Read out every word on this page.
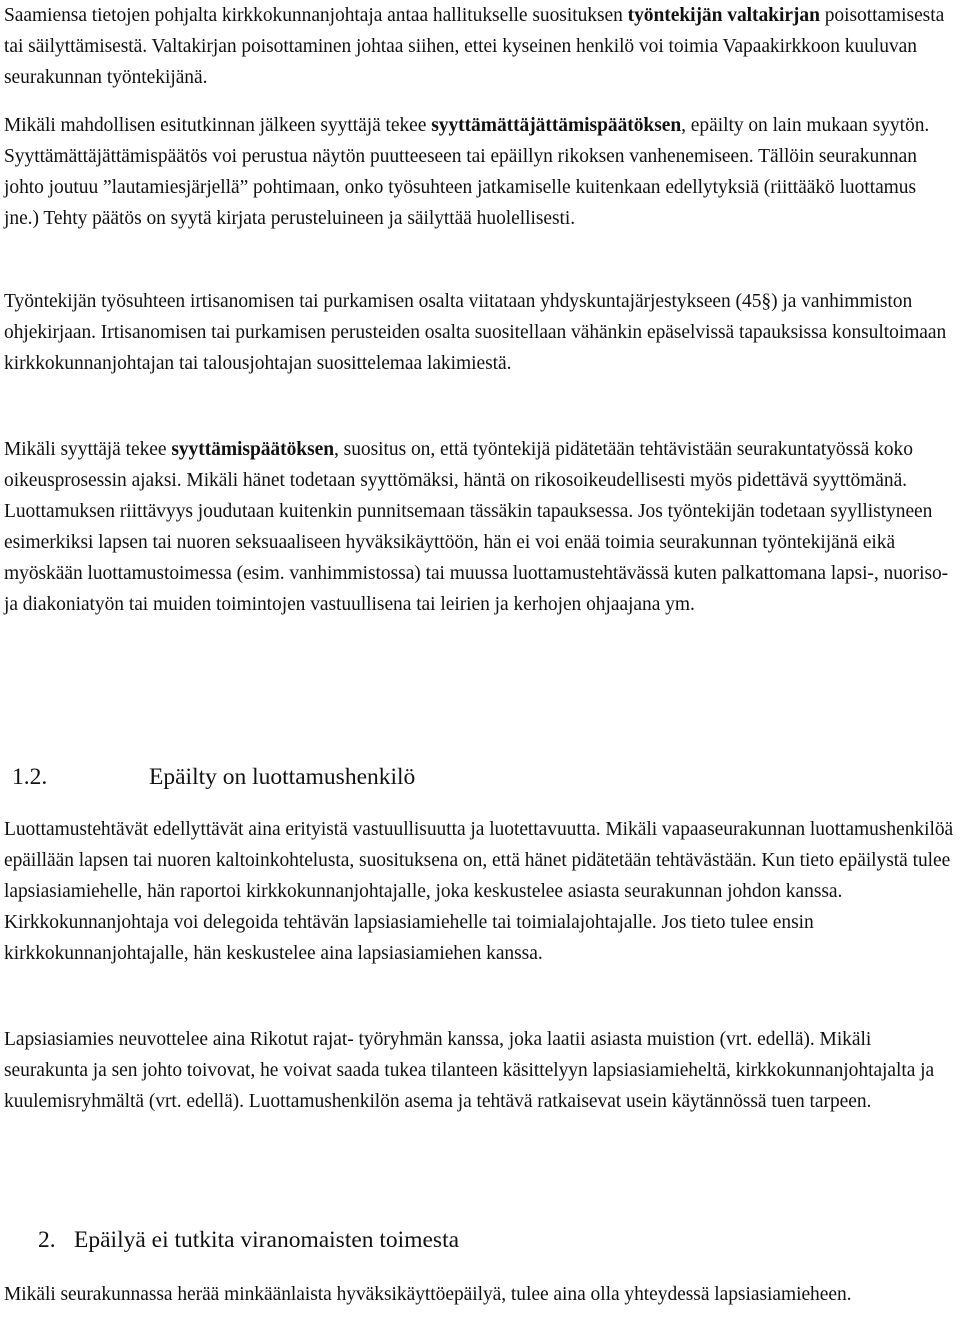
Saamiensa tietojen pohjalta kirkkokunnanjohtaja antaa hallitukselle suosituksen työntekijän valtakirjan poisottamisesta tai säilyttämisestä. Valtakirjan poisottaminen johtaa siihen, ettei kyseinen henkilö voi toimia Vapaakirkkoon kuuluvan seurakunnan työntekijänä.

Mikäli mahdollisen esitutkinnan jälkeen syyttäjä tekee syyttämättäjättämispäätöksen, epäilty on lain mukaan syytön. Syyttämättäjättämispäätös voi perustua näytön puutteeseen tai epäillyn rikoksen vanhenemiseen. Tällöin seurakunnan johto joutuu ”lautamiesjärjellä” pohtimaan, onko työsuhteen jatkamiselle kuitenkaan edellytyksiä (riittääkö luottamus jne.) Tehty päätös on syytä kirjata perusteluineen ja säilyttää huolellisesti.

Työntekijän työsuhteen irtisanomisen tai purkamisen osalta viitataan yhdyskuntajärjestykseen (45§) ja vanhimmiston ohjekirjaan. Irtisanomisen tai purkamisen perusteiden osalta suositellaan vähänkin epäselvissä tapauksissa konsultoimaan kirkkokunnanjohtajan tai talousjohtajan suosittelemaa lakimiestä.

Mikäli syyttäjä tekee syyttämispäätöksen, suositus on, että työntekijä pidätetään tehtävistään seurakuntatyössä koko oikeusprosessin ajaksi. Mikäli hänet todetaan syyttömäksi, häntä on rikosoikeudellisesti myös pidettävä syyttömänä. Luottamuksen riittävyys joudutaan kuitenkin punnitsemaan tässäkin tapauksessa. Jos työntekijän todetaan syyllistyneen esimerkiksi lapsen tai nuoren seksuaaliseen hyväksikäyttöön, hän ei voi enää toimia seurakunnan työntekijänä eikä myöskään luottamustoimessa (esim. vanhimmistossa) tai muussa luottamustehtävässä kuten palkattomana lapsi-, nuoriso- ja diakoniatyön tai muiden toimintojen vastuullisena tai leirien ja kerhojen ohjaajana ym.

1.2.	Epäilty on luottamushenkilö

Luottamustehtävät edellyttävät aina erityistä vastuullisuutta ja luotettavuutta. Mikäli vapaaseurakunnan luottamushenkilöä epäillään lapsen tai nuoren kaltoinkohtelusta, suosituksena on, että hänet pidätetään tehtävästään. Kun tieto epäilystä tulee lapsiasiamiehelle, hän raportoi kirkkokunnanjohtajalle, joka keskustelee asiasta seurakunnan johdon kanssa. Kirkkokunnanjohtaja voi delegoida tehtävän lapsiasiamiehelle tai toimialajohtajalle. Jos tieto tulee ensin kirkkokunnanjohtajalle, hän keskustelee aina lapsiasiamiehen kanssa.

Lapsiasiamies neuvottelee aina Rikotut rajat- työryhmän kanssa, joka laatii asiasta muistion (vrt. edellä). Mikäli seurakunta ja sen johto toivovat, he voivat saada tukea tilanteen käsittelyyn lapsiasiamieheltä, kirkkokunnanjohtajalta ja kuulemisryhmältä (vrt. edellä). Luottamushenkilön asema ja tehtävä ratkaisevat usein käytännössä tuen tarpeen.

2. Epäilyä ei tutkita viranomaisten toimesta

Mikäli seurakunnassa herää minkäänlaista hyväksikäyttöepäilyä, tulee aina olla yhteydessä lapsiasiamieheen.
